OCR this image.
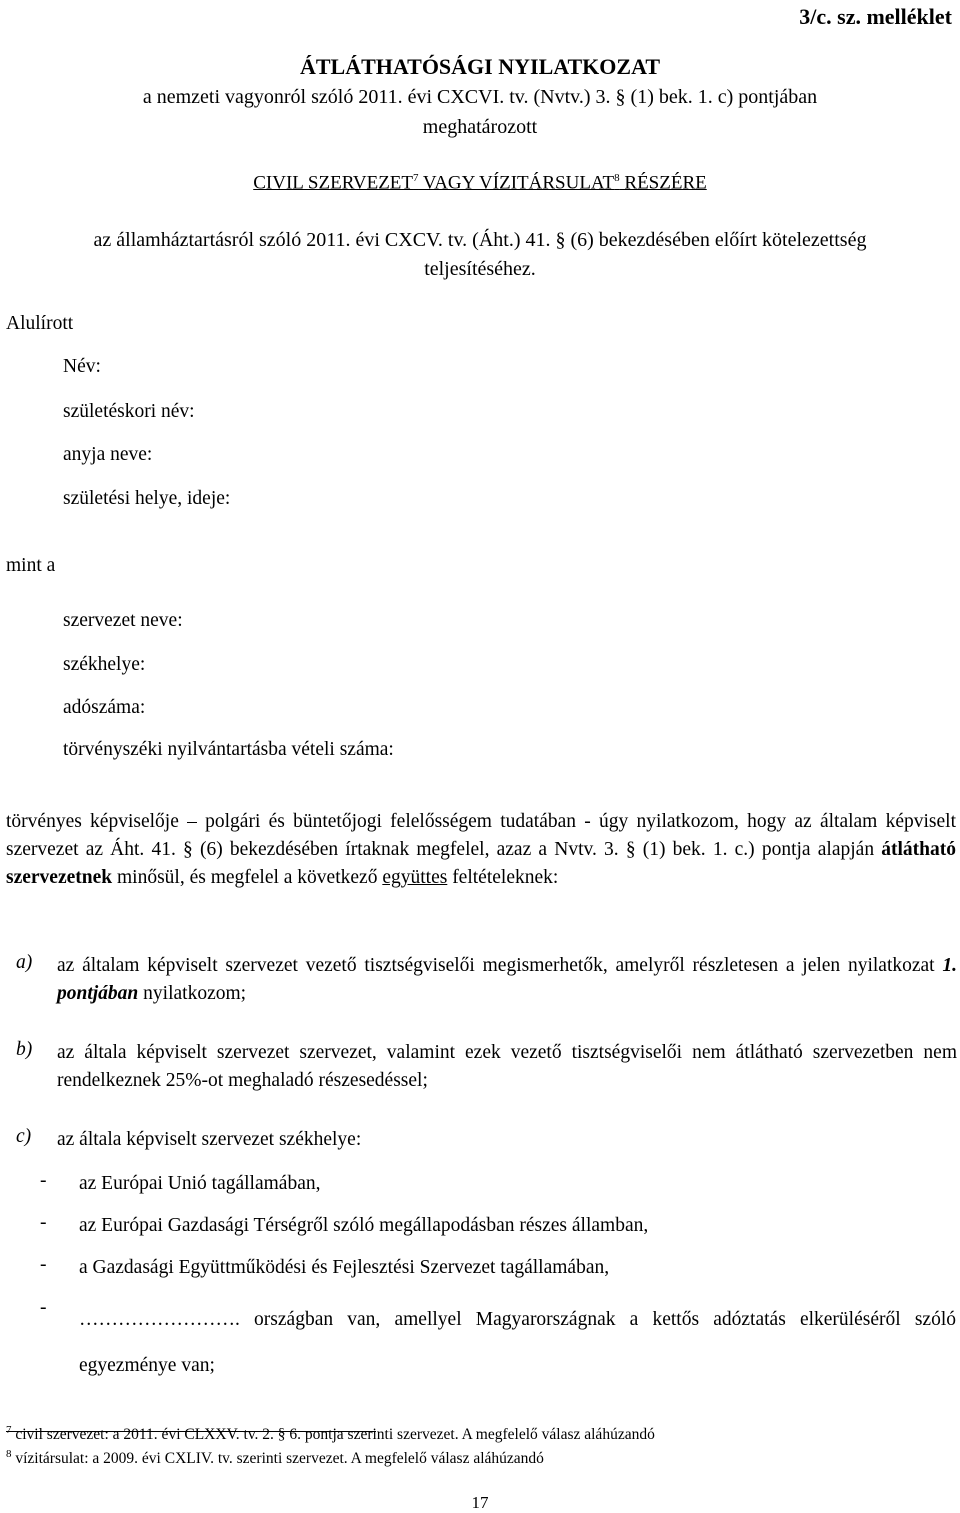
3/c. sz. melléklet
ÁTLÁTHATÓSÁGI NYILATKOZAT
a nemzeti vagyonról szóló 2011. évi CXCVI. tv. (Nvtv.) 3. § (1) bek. 1. c) pontjában
meghatározott
CIVIL SZERVEZET$^7$ VAGY VÍZITÁRSULAT$^8$ RÉSZÉRE
az államháztartásról szóló 2011. évi CXCV. tv. (Áht.) 41. § (6) bekezdésében előírt kötelezettség
teljesítéséhez.
Alulírott
Név:
születéskori név:
anyja neve:
születési helye, ideje:
mint a
szervezet neve:
székhelye:
adószáma:
törvényszéki nyilvántartásba vételi száma:
törvényes képviselője – polgári és büntetőjogi felelősségem tudatában - úgy nyilatkozom, hogy az általam képviselt szervezet az Áht. 41. § (6) bekezdésében írtaknak megfelel, azaz a Nvtv. 3. § (1) bek. 1. c.) pontja alapján átlátható szervezetnek minősül, és megfelel a következő együttes feltételeknek:
a) az általam képviselt szervezet vezető tisztségviselői megismerhetők, amelyről részletesen a jelen nyilatkozat 1. pontjában nyilatkozom;
b) az általa képviselt szervezet szervezet, valamint ezek vezető tisztségviselői nem átlátható szervezetben nem rendelkeznek 25%-ot meghaladó részesedéssel;
c) az általa képviselt szervezet székhelye:
- az Európai Unió tagállamában,
- az Európai Gazdasági Térségről szóló megállapodásban részes államban,
- a Gazdasági Együttműködési és Fejlesztési Szervezet tagállamában,
-
……………………. országban van, amellyel Magyarországnak a kettős adóztatás elkerüléséről szóló egyezménye van;
$^7$ civil szervezet: a 2011. évi CLXXV. tv. 2. § 6. pontja szerinti szervezet. A megfelelő válasz aláhúzandó
$^8$ vízitársulat: a 2009. évi CXLIV. tv. szerinti szervezet. A megfelelő válasz aláhúzandó
17
